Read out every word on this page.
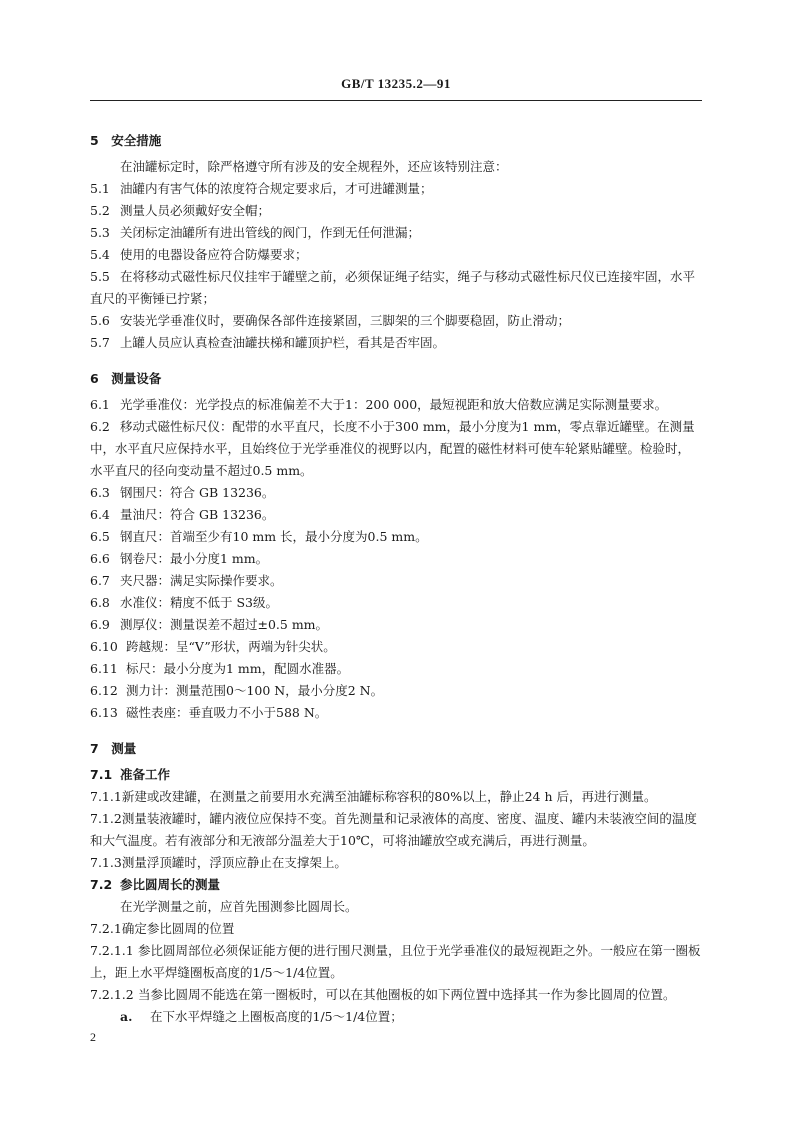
GB/T 13235.2—91

5　安全措施

在油罐标定时，除严格遵守所有涉及的安全规程外，还应该特别注意：

5.1 油罐内有害气体的浓度符合规定要求后，才可进罐测量；

5.2 测量人员必须戴好安全帽；

5.3 关闭标定油罐所有进出管线的阀门，作到无任何泄漏；

5.4 使用的电器设备应符合防爆要求；

5.5 在将移动式磁性标尺仪挂牢于罐壁之前，必须保证绳子结实，绳子与移动式磁性标尺仪已连接牢固，水平直尺的平衡锤已拧紧；

5.6 安装光学垂准仪时，要确保各部件连接紧固，三脚架的三个脚要稳固，防止滑动；

5.7 上罐人员应认真检查油罐扶梯和罐顶护栏，看其是否牢固。

6　测量设备

6.1 光学垂准仪：光学投点的标准偏差不大于1：200 000，最短视距和放大倍数应满足实际测量要求。

6.2 移动式磁性标尺仪：配带的水平直尺，长度不小于300 mm，最小分度为1 mm，零点靠近罐壁。在测量中，水平直尺应保持水平，且始终位于光学垂准仪的视野以内，配置的磁性材料可使车轮紧贴罐壁。检验时，水平直尺的径向变动量不超过0.5 mm。

6.3 钢围尺：符合 GB 13236。

6.4 量油尺：符合 GB 13236。

6.5 钢直尺：首端至少有10 mm 长，最小分度为0.5 mm。

6.6 钢卷尺：最小分度1 mm。

6.7 夹尺器：满足实际操作要求。

6.8 水准仪：精度不低于 S3级。

6.9 测厚仪：测量误差不超过±0.5 mm。

6.10 跨越规：呈“V”形状，两端为针尖状。

6.11 标尺：最小分度为1 mm，配圆水准器。

6.12 测力计：测量范围0～100 N，最小分度2 N。

6.13 磁性表座：垂直吸力不小于588 N。

7　测量

7.1 准备工作

7.1.1新建或改建罐，在测量之前要用水充满至油罐标称容积的80%以上，静止24 h 后，再进行测量。

7.1.2测量装液罐时，罐内液位应保持不变。首先测量和记录液体的高度、密度、温度、罐内未装液空间的温度和大气温度。若有液部分和无液部分温差大于10℃，可将油罐放空或充满后，再进行测量。

7.1.3测量浮顶罐时，浮顶应静止在支撑架上。

7.2 参比圆周长的测量

在光学测量之前，应首先围测参比圆周长。

7.2.1确定参比圆周的位置

7.2.1.1 参比圆周部位必须保证能方便的进行围尺测量，且位于光学垂准仪的最短视距之外。一般应在第一圈板上，距上水平焊缝圈板高度的1/5～1/4位置。

7.2.1.2 当参比圆周不能选在第一圈板时，可以在其他圈板的如下两位置中选择其一作为参比圆周的位置。

a. 在下水平焊缝之上圈板高度的1/5～1/4位置；

2
